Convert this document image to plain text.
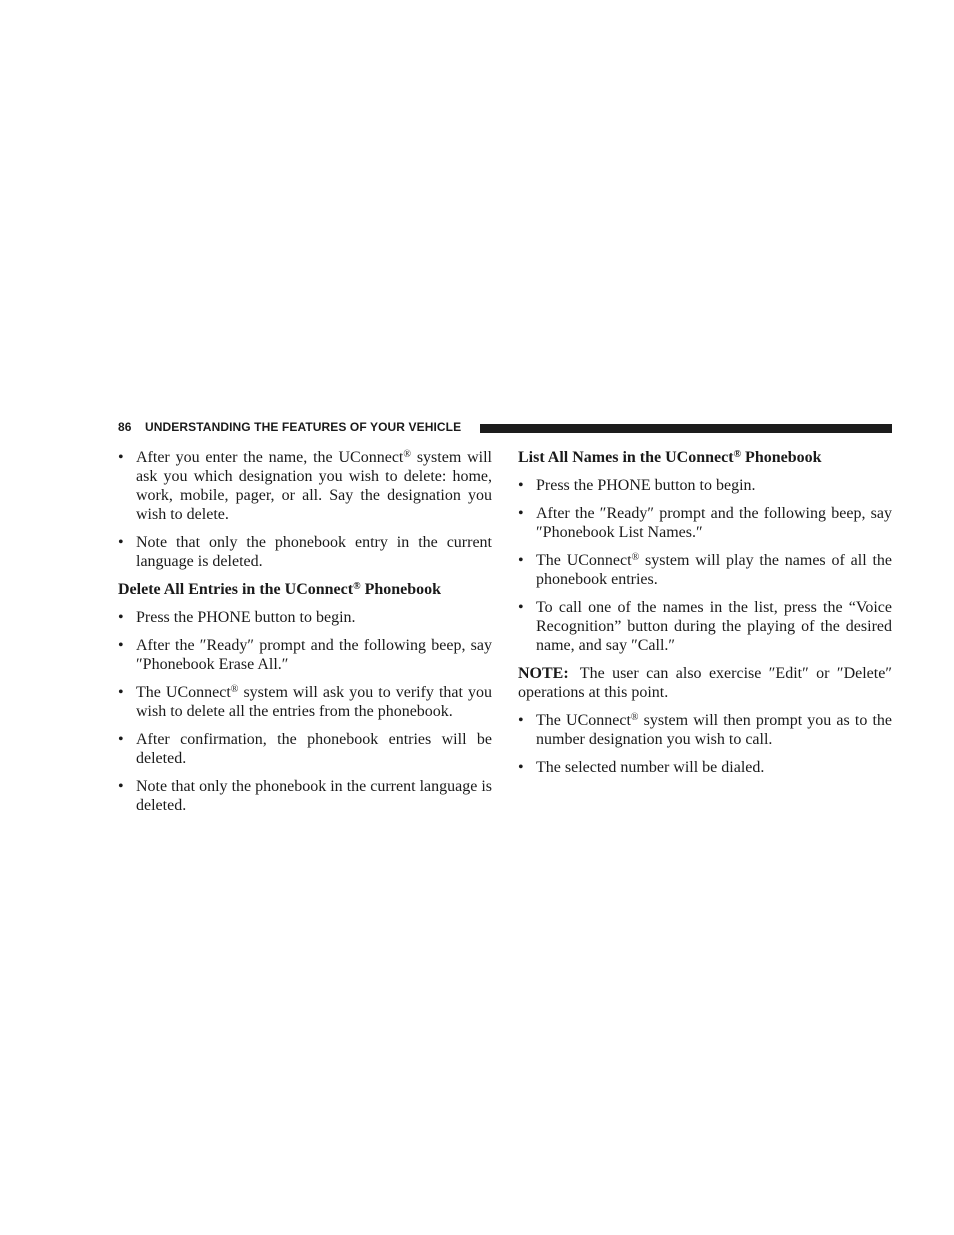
86 UNDERSTANDING THE FEATURES OF YOUR VEHICLE
• After you enter the name, the UConnect® system will ask you which designation you wish to delete: home, work, mobile, pager, or all. Say the designation you wish to delete.
• Note that only the phonebook entry in the current language is deleted.
Delete All Entries in the UConnect® Phonebook
• Press the PHONE button to begin.
• After the ″Ready″ prompt and the following beep, say ″Phonebook Erase All.″
• The UConnect® system will ask you to verify that you wish to delete all the entries from the phonebook.
• After confirmation, the phonebook entries will be deleted.
• Note that only the phonebook in the current language is deleted.
List All Names in the UConnect® Phonebook
• Press the PHONE button to begin.
• After the ″Ready″ prompt and the following beep, say ″Phonebook List Names.″
• The UConnect® system will play the names of all the phonebook entries.
• To call one of the names in the list, press the “Voice Recognition” button during the playing of the desired name, and say ″Call.″
NOTE: The user can also exercise ″Edit″ or ″Delete″ operations at this point.
• The UConnect® system will then prompt you as to the number designation you wish to call.
• The selected number will be dialed.
